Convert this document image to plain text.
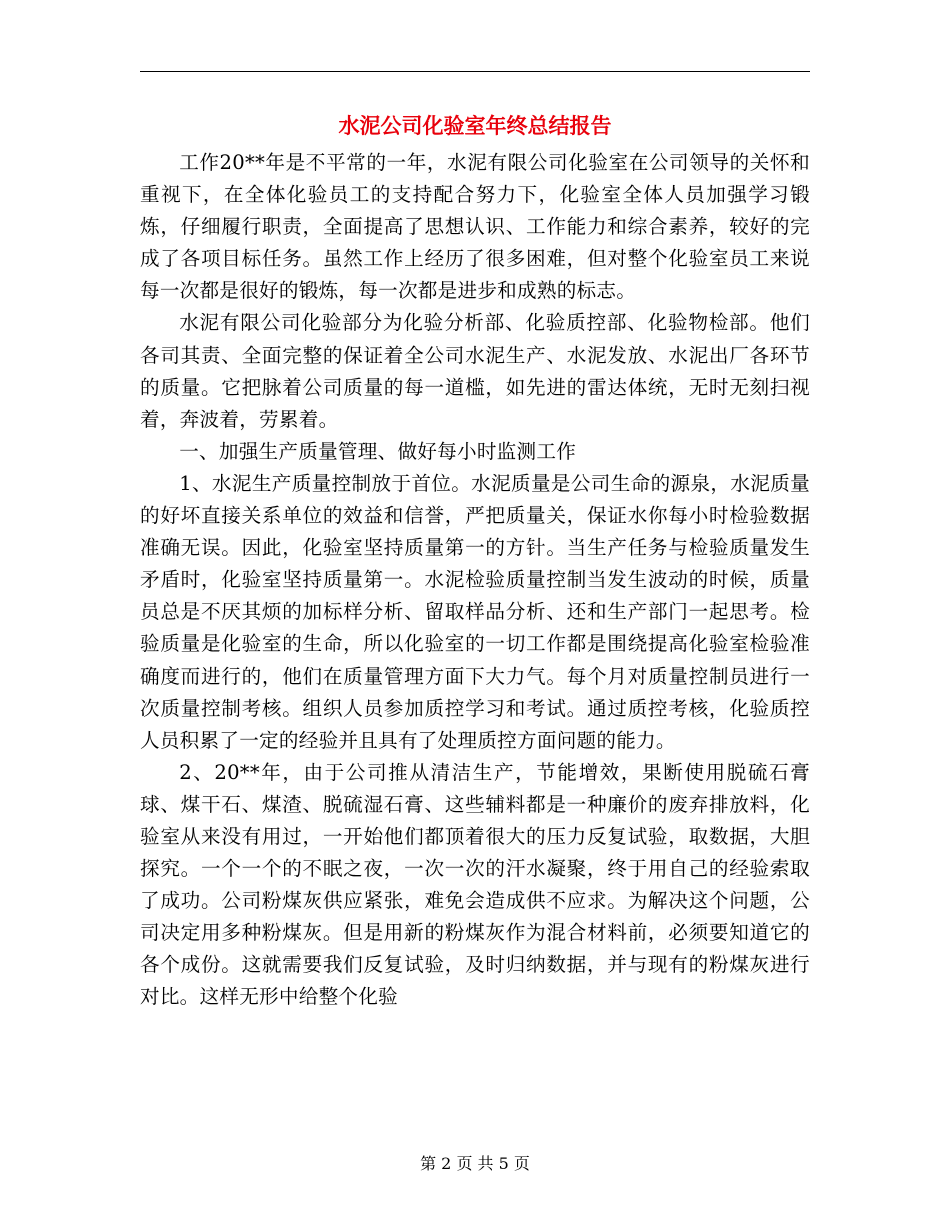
水泥公司化验室年终总结报告

工作20**年是不平常的一年，水泥有限公司化验室在公司领导的关怀和重视下，在全体化验员工的支持配合努力下，化验室全体人员加强学习锻炼，仔细履行职责，全面提高了思想认识、工作能力和综合素养，较好的完成了各项目标任务。虽然工作上经历了很多困难，但对整个化验室员工来说每一次都是很好的锻炼，每一次都是进步和成熟的标志。

水泥有限公司化验部分为化验分析部、化验质控部、化验物检部。他们各司其责、全面完整的保证着全公司水泥生产、水泥发放、水泥出厂各环节的质量。它把脉着公司质量的每一道槛，如先进的雷达体统，无时无刻扫视着，奔波着，劳累着。

一、加强生产质量管理、做好每小时监测工作

1、水泥生产质量控制放于首位。水泥质量是公司生命的源泉，水泥质量的好坏直接关系单位的效益和信誉，严把质量关，保证水你每小时检验数据准确无误。因此，化验室坚持质量第一的方针。当生产任务与检验质量发生矛盾时，化验室坚持质量第一。水泥检验质量控制当发生波动的时候，质量员总是不厌其烦的加标样分析、留取样品分析、还和生产部门一起思考。检验质量是化验室的生命，所以化验室的一切工作都是围绕提高化验室检验准确度而进行的，他们在质量管理方面下大力气。每个月对质量控制员进行一次质量控制考核。组织人员参加质控学习和考试。通过质控考核，化验质控人员积累了一定的经验并且具有了处理质控方面问题的能力。

2、20**年，由于公司推从清洁生产，节能增效，果断使用脱硫石膏球、煤干石、煤渣、脱硫湿石膏、这些辅料都是一种廉价的废弃排放料，化验室从来没有用过，一开始他们都顶着很大的压力反复试验，取数据，大胆探究。一个一个的不眠之夜，一次一次的汗水凝聚，终于用自己的经验索取了成功。公司粉煤灰供应紧张，难免会造成供不应求。为解决这个问题，公司决定用多种粉煤灰。但是用新的粉煤灰作为混合材料前，必须要知道它的各个成份。这就需要我们反复试验，及时归纳数据，并与现有的粉煤灰进行对比。这样无形中给整个化验

第 2 页 共 5 页
